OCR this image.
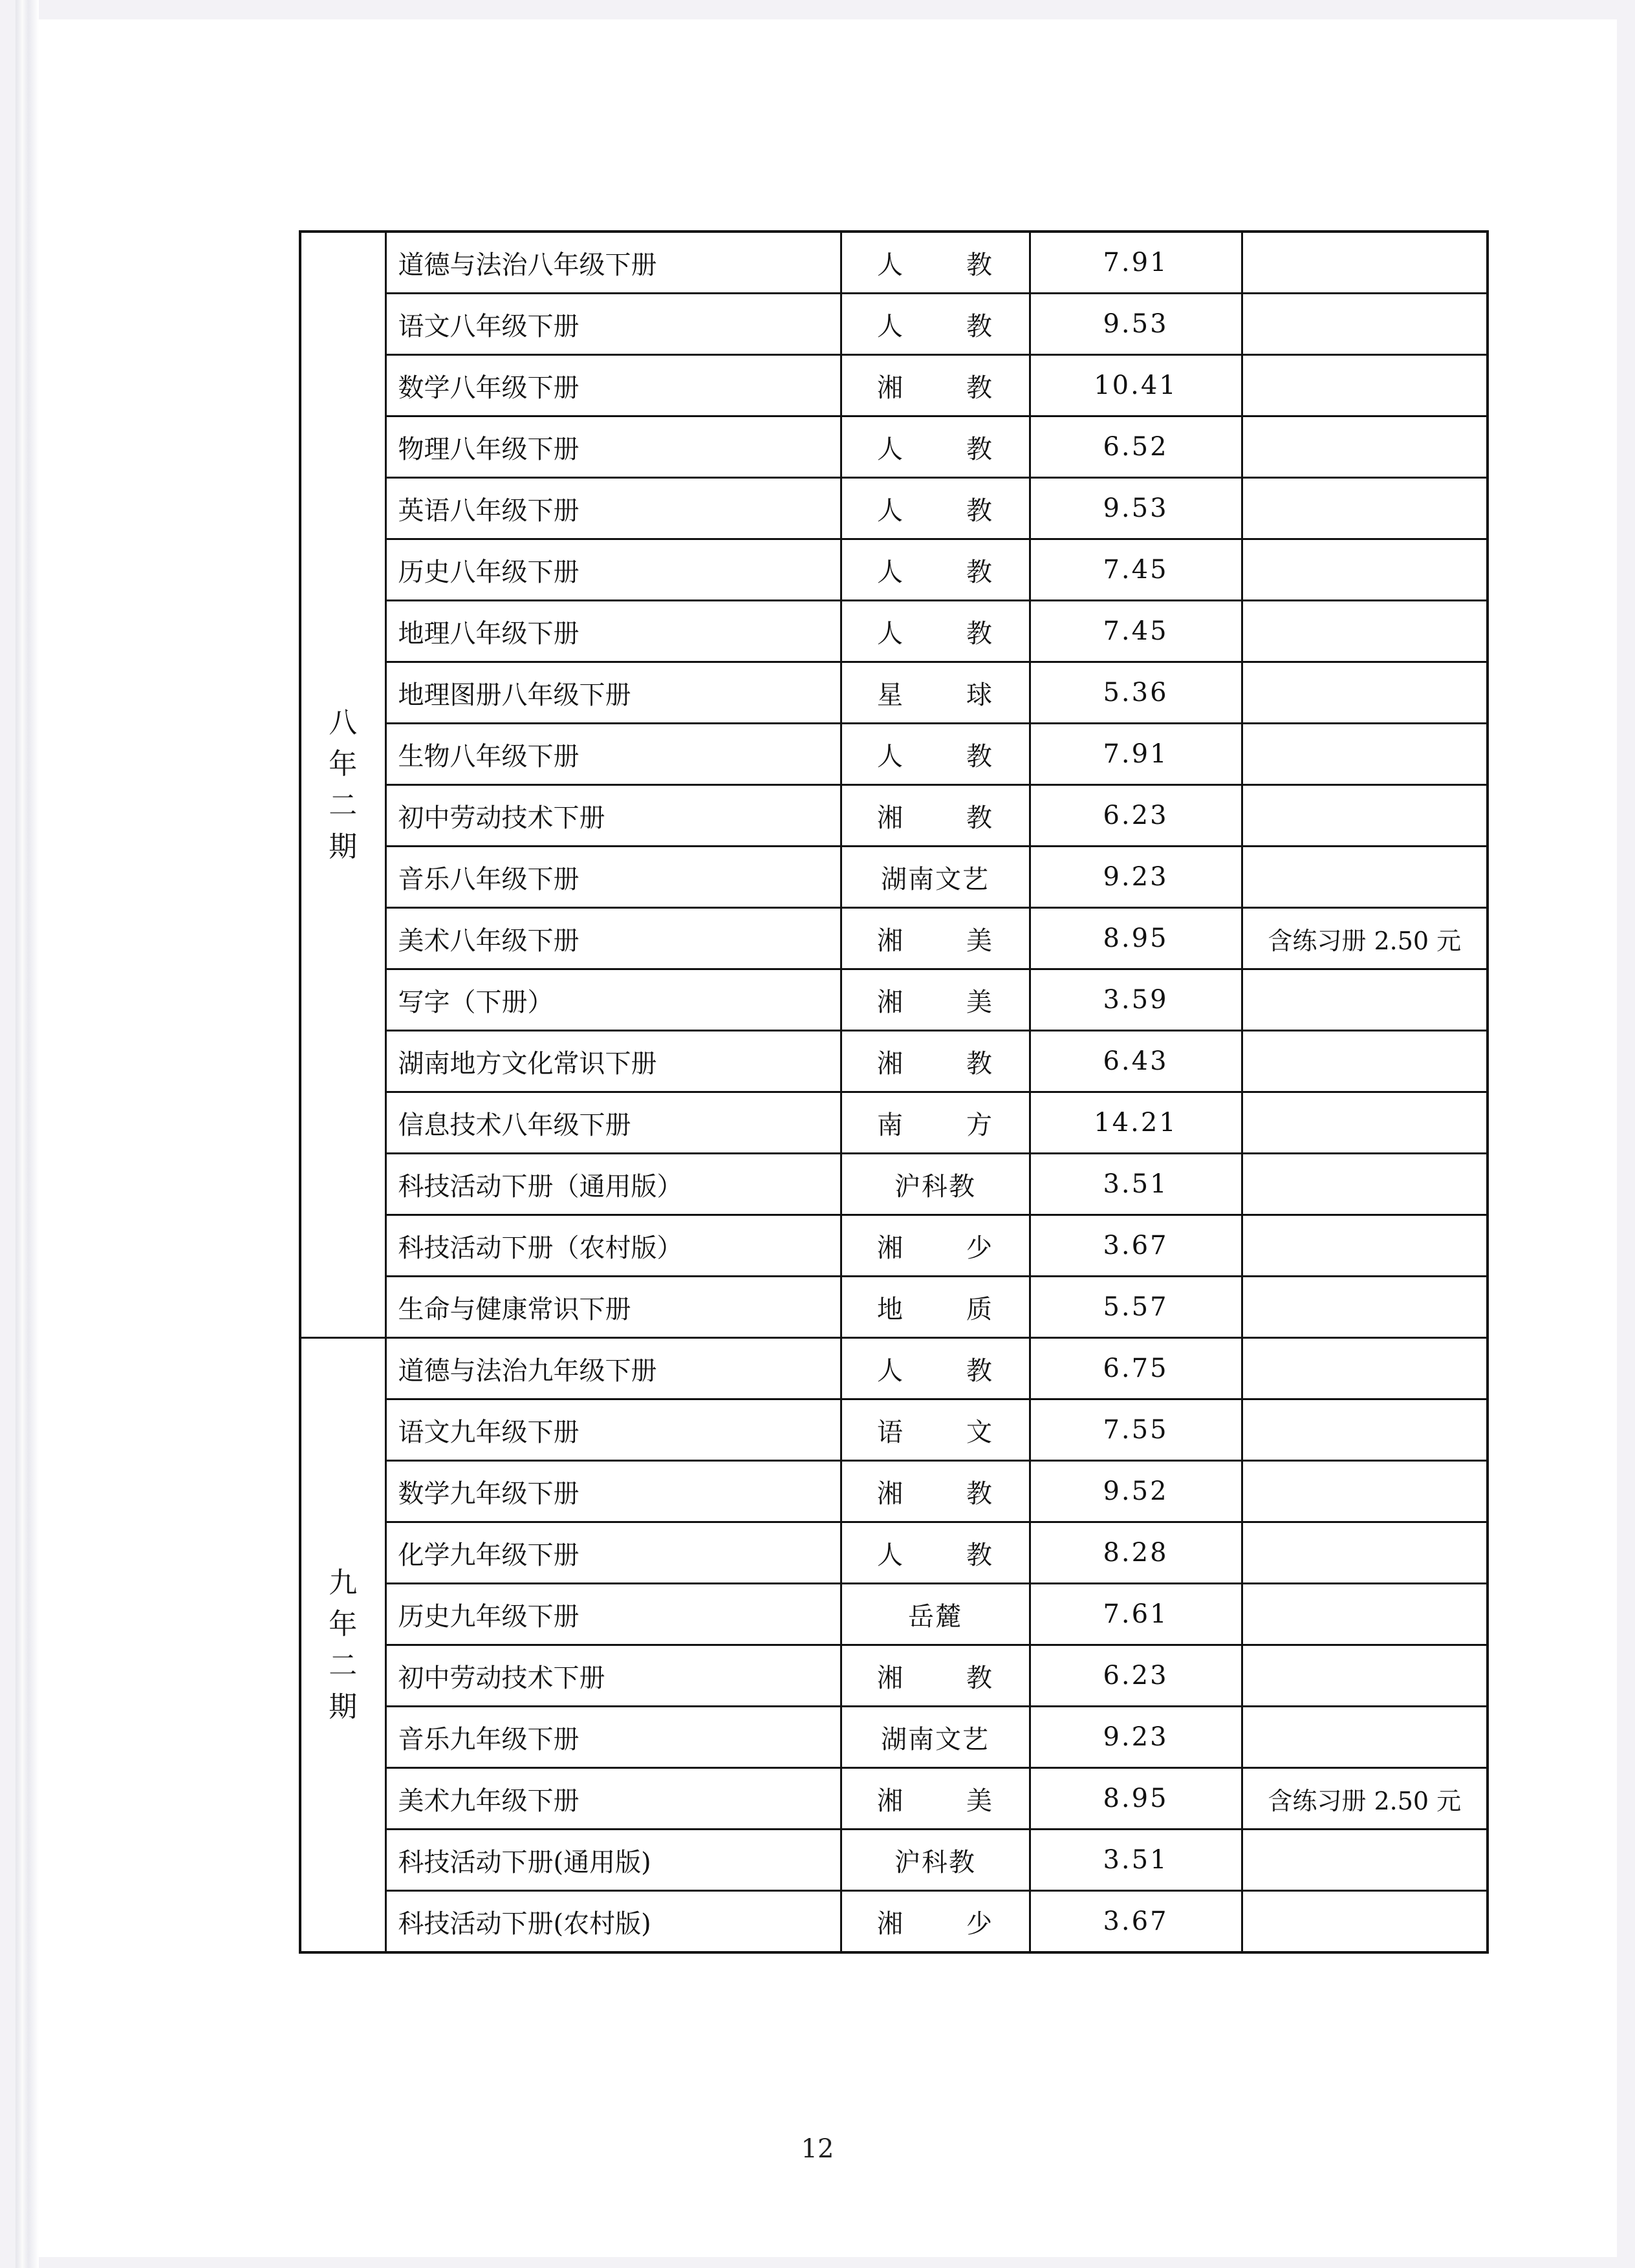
八
年
二
期	道德与法治八年级下册	人　教	7.91	
	语文八年级下册	人　教	9.53	
	数学八年级下册	湘　教	10.41	
	物理八年级下册	人　教	6.52	
	英语八年级下册	人　教	9.53	
	历史八年级下册	人　教	7.45	
	地理八年级下册	人　教	7.45	
	地理图册八年级下册	星　球	5.36	
	生物八年级下册	人　教	7.91	
	初中劳动技术下册	湘　教	6.23	
	音乐八年级下册	湖南文艺	9.23	
	美术八年级下册	湘　美	8.95	含练习册 2.50 元
	写字（下册）	湘　美	3.59	
	湖南地方文化常识下册	湘　教	6.43	
	信息技术八年级下册	南　方	14.21	
	科技活动下册（通用版）	沪科教	3.51	
	科技活动下册（农村版）	湘　少	3.67	
	生命与健康常识下册	地　质	5.57	

九
年
二
期	道德与法治九年级下册	人　教	6.75	
	语文九年级下册	语　文	7.55	
	数学九年级下册	湘　教	9.52	
	化学九年级下册	人　教	8.28	
	历史九年级下册	岳麓	7.61	
	初中劳动技术下册	湘　教	6.23	
	音乐九年级下册	湖南文艺	9.23	
	美术九年级下册	湘　美	8.95	含练习册 2.50 元
	科技活动下册(通用版)	沪科教	3.51	
	科技活动下册(农村版)	湘　少	3.67	
12
